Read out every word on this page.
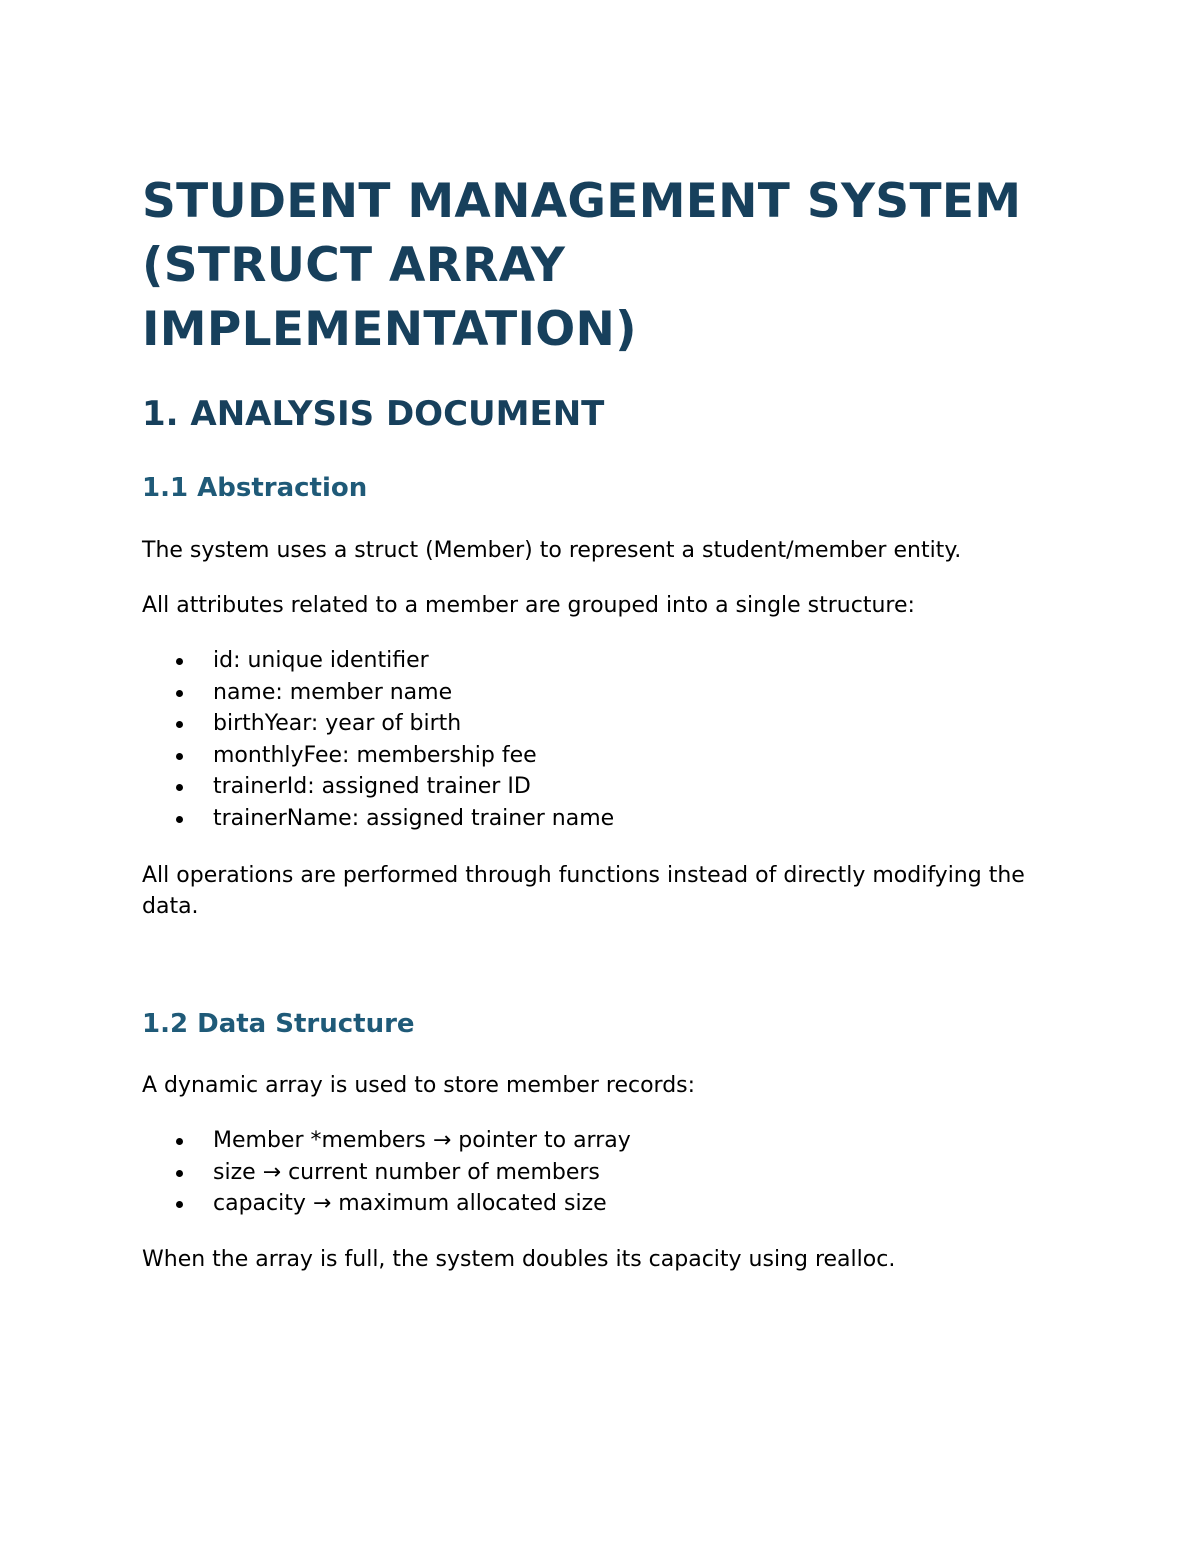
STUDENT MANAGEMENT SYSTEM
(STRUCT ARRAY
IMPLEMENTATION)
1. ANALYSIS DOCUMENT
1.1 Abstraction

The system uses a struct (Member) to represent a student/member entity.

All attributes related to a member are grouped into a single structure:

id: unique identifier
name: member name
birthYear: year of birth
monthlyFee: membership fee
trainerId: assigned trainer ID
trainerName: assigned trainer name

All operations are performed through functions instead of directly modifying the data.

1.2 Data Structure

A dynamic array is used to store member records:

Member *members → pointer to array
size → current number of members
capacity → maximum allocated size

When the array is full, the system doubles its capacity using realloc.
